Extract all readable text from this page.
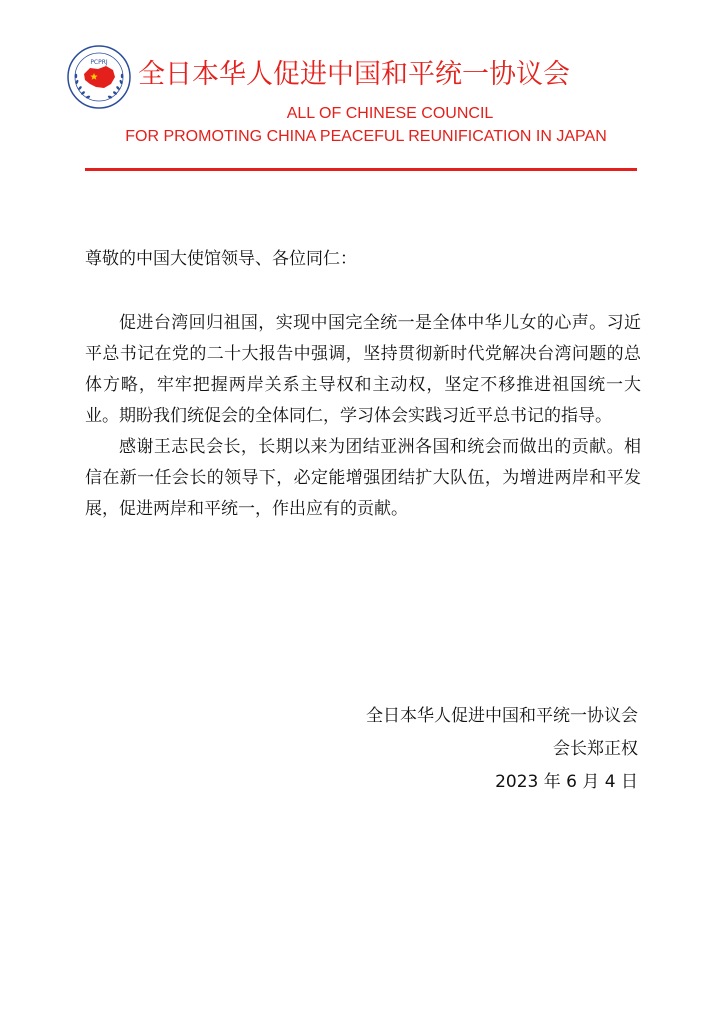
PCPRJ 全日本华人促进中国和平统一协议会
ALL OF CHINESE COUNCIL
FOR PROMOTING CHINA PEACEFUL REUNIFICATION IN JAPAN

尊敬的中国大使馆领导、各位同仁：

促进台湾回归祖国，实现中国完全统一是全体中华儿女的心声。习近平总书记在党的二十大报告中强调，坚持贯彻新时代党解决台湾问题的总体方略，牢牢把握两岸关系主导权和主动权，坚定不移推进祖国统一大业。期盼我们统促会的全体同仁，学习体会实践习近平总书记的指导。

感谢王志民会长，长期以来为团结亚洲各国和统会而做出的贡献。相信在新一任会长的领导下，必定能增强团结扩大队伍，为增进两岸和平发展，促进两岸和平统一，作出应有的贡献。

全日本华人促进中国和平统一协议会
会长郑正权
2023 年 6 月 4 日
